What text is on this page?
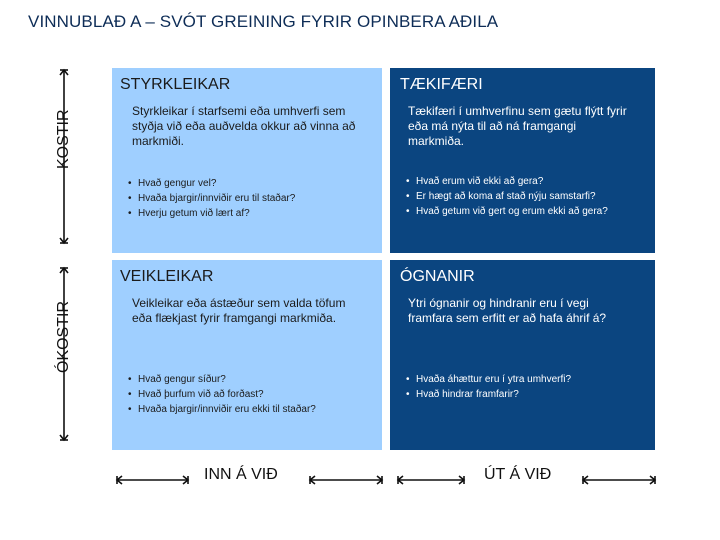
VINNUBLAÐ A – SVÓT GREINING FYRIR OPINBERA AÐILA
KOSTIR
ÓKOSTIR
STYRKLEIKAR
Styrkleikar í starfsemi eða umhverfi sem styðja við eða auðvelda okkur að vinna að markmiði.
• Hvað gengur vel?
• Hvaða bjargir/innviðir eru til staðar?
• Hverju getum við lært af?
TÆKIFÆRI
Tækifæri í umhverfinu sem gætu flýtt fyrir eða má nýta til að ná framgangi markmiða.
• Hvað erum við ekki að gera?
• Er hægt að koma af stað nýju samstarfi?
• Hvað getum við gert og erum ekki að gera?
VEIKLEIKAR
Veikleikar eða ástæður sem valda töfum eða flækjast fyrir framgangi markmiða.
• Hvað gengur síður?
• Hvað þurfum við að forðast?
• Hvaða bjargir/innviðir eru ekki til staðar?
ÓGNANIR
Ytri ógnanir og hindranir eru í vegi framfara sem erfitt er að hafa áhrif á?
• Hvaða áhættur eru í ytra umhverfi?
• Hvað hindrar framfarir?
INN Á VIÐ	ÚT Á VIÐ
